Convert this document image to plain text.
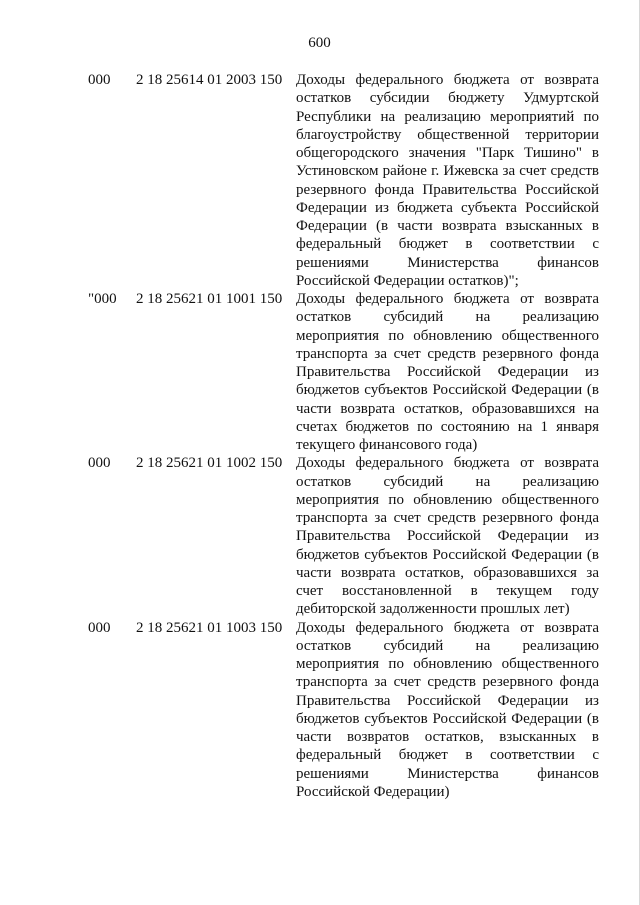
600
000	2 18 25614 01 2003 150 Доходы федерального бюджета от возврата остатков субсидии бюджету Удмуртской Республики на реализацию мероприятий по благоустройству общественной территории общегородского значения "Парк Тишино" в Устиновском районе г. Ижевска за счет средств резервного фонда Правительства Российской Федерации из бюджета субъекта Российской Федерации (в части возврата взысканных в федеральный бюджет в соответствии с решениями Министерства финансов Российской Федерации остатков)";
"000	2 18 25621 01 1001 150 Доходы федерального бюджета от возврата остатков субсидий на реализацию мероприятия по обновлению общественного транспорта за счет средств резервного фонда Правительства Российской Федерации из бюджетов субъектов Российской Федерации (в части возврата остатков, образовавшихся на счетах бюджетов по состоянию на 1 января текущего финансового года)
000	2 18 25621 01 1002 150 Доходы федерального бюджета от возврата остатков субсидий на реализацию мероприятия по обновлению общественного транспорта за счет средств резервного фонда Правительства Российской Федерации из бюджетов субъектов Российской Федерации (в части возврата остатков, образовавшихся за счет восстановленной в текущем году дебиторской задолженности прошлых лет)
000	2 18 25621 01 1003 150 Доходы федерального бюджета от возврата остатков субсидий на реализацию мероприятия по обновлению общественного транспорта за счет средств резервного фонда Правительства Российской Федерации из бюджетов субъектов Российской Федерации (в части возвратов остатков, взысканных в федеральный бюджет в соответствии с решениями Министерства финансов Российской Федерации)
